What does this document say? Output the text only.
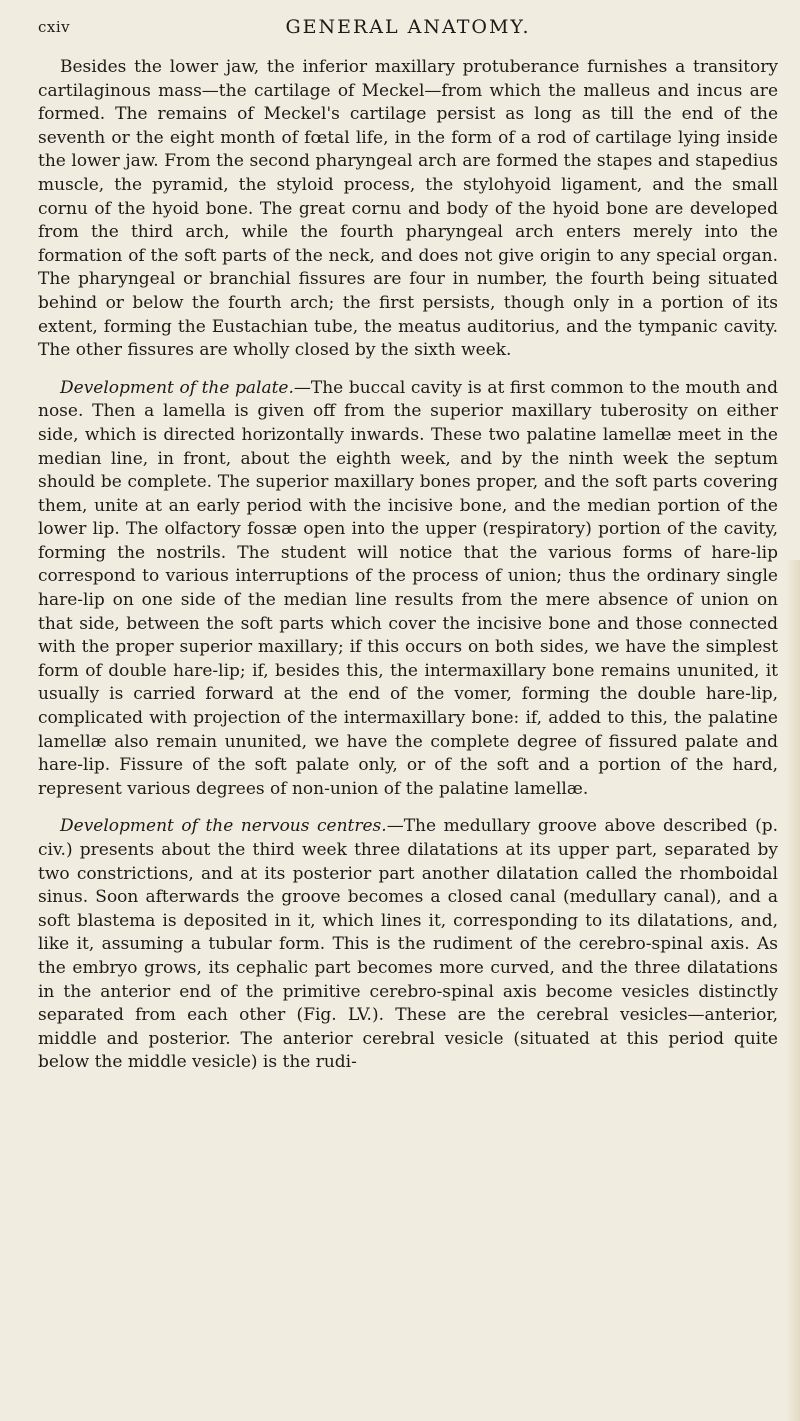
cxiv	GENERAL ANATOMY.

Besides the lower jaw, the inferior maxillary protuberance furnishes a transitory cartilaginous mass—the cartilage of Meckel—from which the malleus and incus are formed. The remains of Meckel's cartilage persist as long as till the end of the seventh or the eight month of fœtal life, in the form of a rod of cartilage lying inside the lower jaw. From the second pharyngeal arch are formed the stapes and stapedius muscle, the pyramid, the styloid process, the stylohyoid ligament, and the small cornu of the hyoid bone. The great cornu and body of the hyoid bone are developed from the third arch, while the fourth pharyngeal arch enters merely into the formation of the soft parts of the neck, and does not give origin to any special organ. The pharyngeal or branchial fissures are four in number, the fourth being situated behind or below the fourth arch; the first persists, though only in a portion of its extent, forming the Eustachian tube, the meatus auditorius, and the tympanic cavity. The other fissures are wholly closed by the sixth week.

Development of the palate.—The buccal cavity is at first common to the mouth and nose. Then a lamella is given off from the superior maxillary tuberosity on either side, which is directed horizontally inwards. These two palatine lamellæ meet in the median line, in front, about the eighth week, and by the ninth week the septum should be complete. The superior maxillary bones proper, and the soft parts covering them, unite at an early period with the incisive bone, and the median portion of the lower lip. The olfactory fossæ open into the upper (respiratory) portion of the cavity, forming the nostrils. The student will notice that the various forms of hare-lip correspond to various interruptions of the process of union; thus the ordinary single hare-lip on one side of the median line results from the mere absence of union on that side, between the soft parts which cover the incisive bone and those connected with the proper superior maxillary; if this occurs on both sides, we have the simplest form of double hare-lip; if, besides this, the intermaxillary bone remains ununited, it usually is carried forward at the end of the vomer, forming the double hare-lip, complicated with projection of the intermaxillary bone: if, added to this, the palatine lamellæ also remain ununited, we have the complete degree of fissured palate and hare-lip. Fissure of the soft palate only, or of the soft and a portion of the hard, represent various degrees of non-union of the palatine lamellæ.

Development of the nervous centres.—The medullary groove above described (p. civ.) presents about the third week three dilatations at its upper part, separated by two constrictions, and at its posterior part another dilatation called the rhomboidal sinus. Soon afterwards the groove becomes a closed canal (medullary canal), and a soft blastema is deposited in it, which lines it, corresponding to its dilatations, and, like it, assuming a tubular form. This is the rudiment of the cerebro-spinal axis. As the embryo grows, its cephalic part becomes more curved, and the three dilatations in the anterior end of the primitive cerebro-spinal axis become vesicles distinctly separated from each other (Fig. LV.). These are the cerebral vesicles—anterior, middle and posterior. The anterior cerebral vesicle (situated at this period quite below the middle vesicle) is the rudi-
